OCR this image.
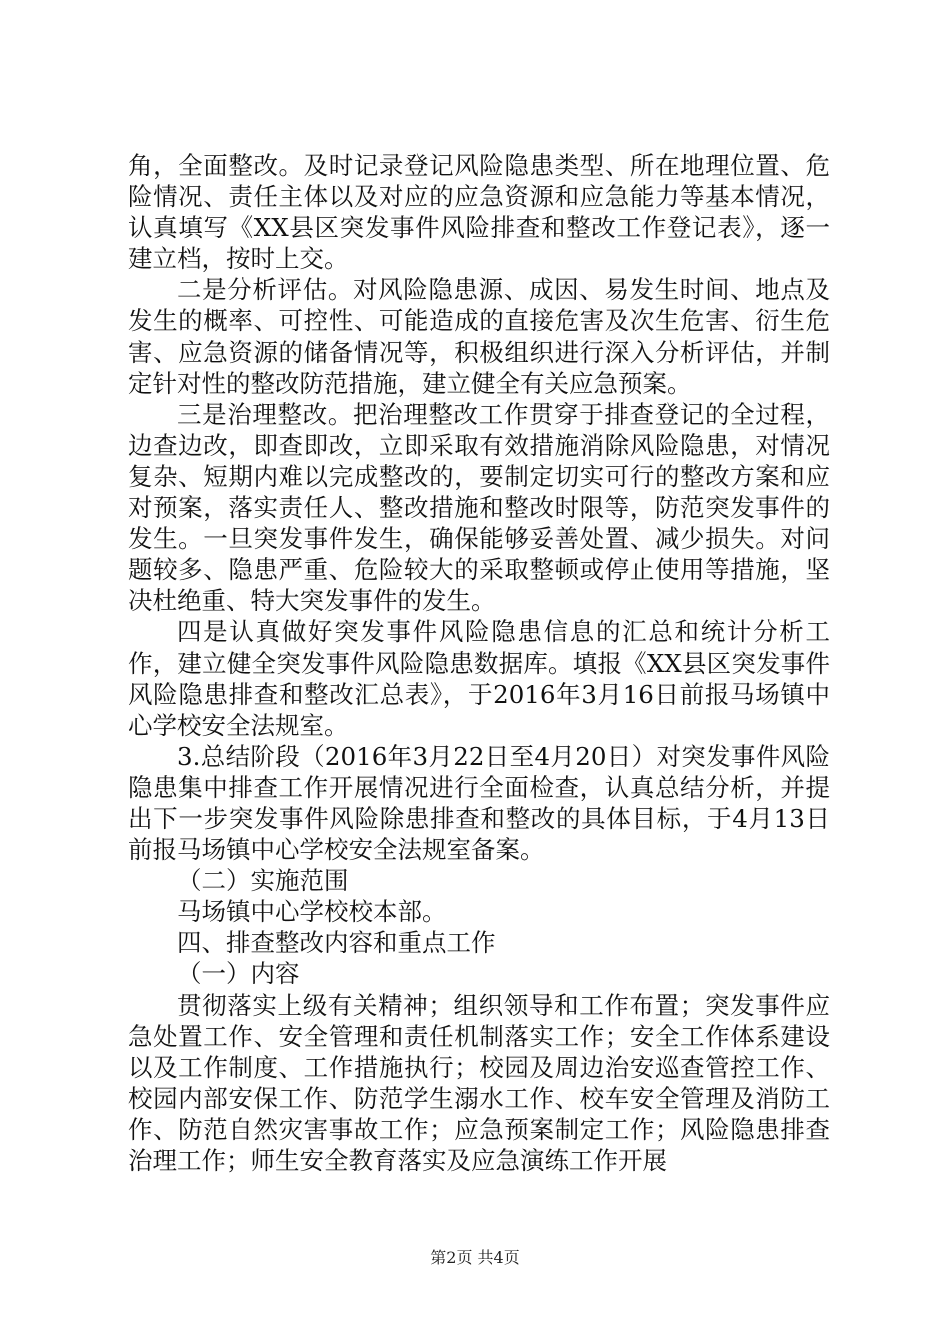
角，全面整改。及时记录登记风险隐患类型、所在地理位置、危险情况、责任主体以及对应的应急资源和应急能力等基本情况，认真填写《XX县区突发事件风险排查和整改工作登记表》，逐一建立档，按时上交。

二是分析评估。对风险隐患源、成因、易发生时间、地点及发生的概率、可控性、可能造成的直接危害及次生危害、衍生危害、应急资源的储备情况等，积极组织进行深入分析评估，并制定针对性的整改防范措施，建立健全有关应急预案。

三是治理整改。把治理整改工作贯穿于排查登记的全过程，边查边改，即查即改，立即采取有效措施消除风险隐患，对情况复杂、短期内难以完成整改的，要制定切实可行的整改方案和应对预案，落实责任人、整改措施和整改时限等，防范突发事件的发生。一旦突发事件发生，确保能够妥善处置、减少损失。对问题较多、隐患严重、危险较大的采取整顿或停止使用等措施，坚决杜绝重、特大突发事件的发生。

四是认真做好突发事件风险隐患信息的汇总和统计分析工作，建立健全突发事件风险隐患数据库。填报《XX县区突发事件风险隐患排查和整改汇总表》，于2016年3月16日前报马场镇中心学校安全法规室。

3.总结阶段（2016年3月22日至4月20日）对突发事件风险隐患集中排查工作开展情况进行全面检查，认真总结分析，并提出下一步突发事件风险除患排查和整改的具体目标，于4月13日前报马场镇中心学校安全法规室备案。

（二）实施范围

马场镇中心学校校本部。

四、排查整改内容和重点工作

（一）内容

贯彻落实上级有关精神；组织领导和工作布置；突发事件应急处置工作、安全管理和责任机制落实工作；安全工作体系建设以及工作制度、工作措施执行；校园及周边治安巡查管控工作、校园内部安保工作、防范学生溺水工作、校车安全管理及消防工作、防范自然灾害事故工作；应急预案制定工作；风险隐患排查治理工作；师生安全教育落实及应急演练工作开展

第2页 共4页
